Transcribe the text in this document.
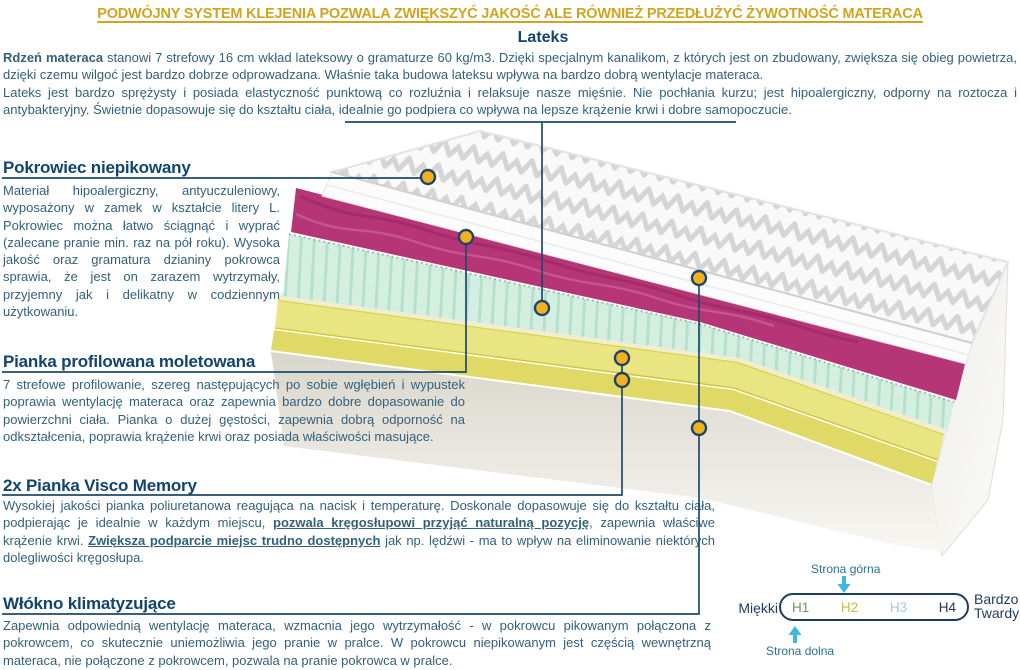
PODWÓJNY SYSTEM KLEJENIA POZWALA ZWIĘKSZYĆ JAKOŚĆ ALE RÓWNIEŻ PRZEDŁUŻYĆ ŻYWOTNOŚĆ MATERACA
Lateks
Rdzeń materaca stanowi 7 strefowy 16 cm wkład lateksowy o gramaturze 60 kg/m3. Dzięki specjalnym kanalikom, z których jest on zbudowany, zwiększa się obieg powietrza, dzięki czemu wilgoć jest bardzo dobrze odprowadzana. Właśnie taka budowa lateksu wpływa na bardzo dobrą wentylacje materaca.
Lateks jest bardzo sprężysty i posiada elastyczność punktową co rozluźnia i relaksuje nasze mięśnie. Nie pochłania kurzu; jest hipoalergiczny, odporny na roztocza i antybakteryjny. Świetnie dopasowuje się do kształtu ciała, idealnie go podpiera co wpływa na lepsze krążenie krwi i dobre samopoczucie.
Pokrowiec niepikowany
Materiał hipoalergiczny, antyuczuleniowy, wyposażony w zamek w kształcie litery L. Pokrowiec można łatwo ściągnąć i wyprać (zalecane pranie min. raz na pół roku). Wysoka jakość oraz gramatura dzianiny pokrowca sprawia, że jest on zarazem wytrzymały, przyjemny jak i delikatny w codziennym użytkowaniu.
Pianka profilowana moletowana
7 strefowe profilowanie, szereg następujących po sobie wgłębień i wypustek poprawia wentylację materaca oraz zapewnia bardzo dobre dopasowanie do powierzchni ciała. Pianka o dużej gęstości, zapewnia dobrą odporność na odkształcenia, poprawia krążenie krwi oraz posiada właściwości masujące.
2x Pianka Visco Memory
Wysokiej jakości pianka poliuretanowa reagująca na nacisk i temperaturę. Doskonale dopasowuje się do kształtu ciała, podpierając je idealnie w każdym miejscu, pozwala kręgosłupowi przyjąć naturalną pozycję, zapewnia właściwe krążenie krwi. Zwiększa podparcie miejsc trudno dostępnych jak np. lędźwi - ma to wpływ na eliminowanie niektórych dolegliwości kręgosłupa.
Włókno klimatyzujące
Zapewnia odpowiednią wentylację materaca, wzmacnia jego wytrzymałość - w pokrowcu pikowanym połączona z pokrowcem, co skutecznie uniemożliwia jego pranie w pralce. W pokrowcu niepikowanym jest częścią wewnętrzną materaca, nie połączone z pokrowcem, pozwala na pranie pokrowca w pralce.
Strona górna
Miękki H1 H2 H3 H4 Bardzo Twardy
Strona dolna
